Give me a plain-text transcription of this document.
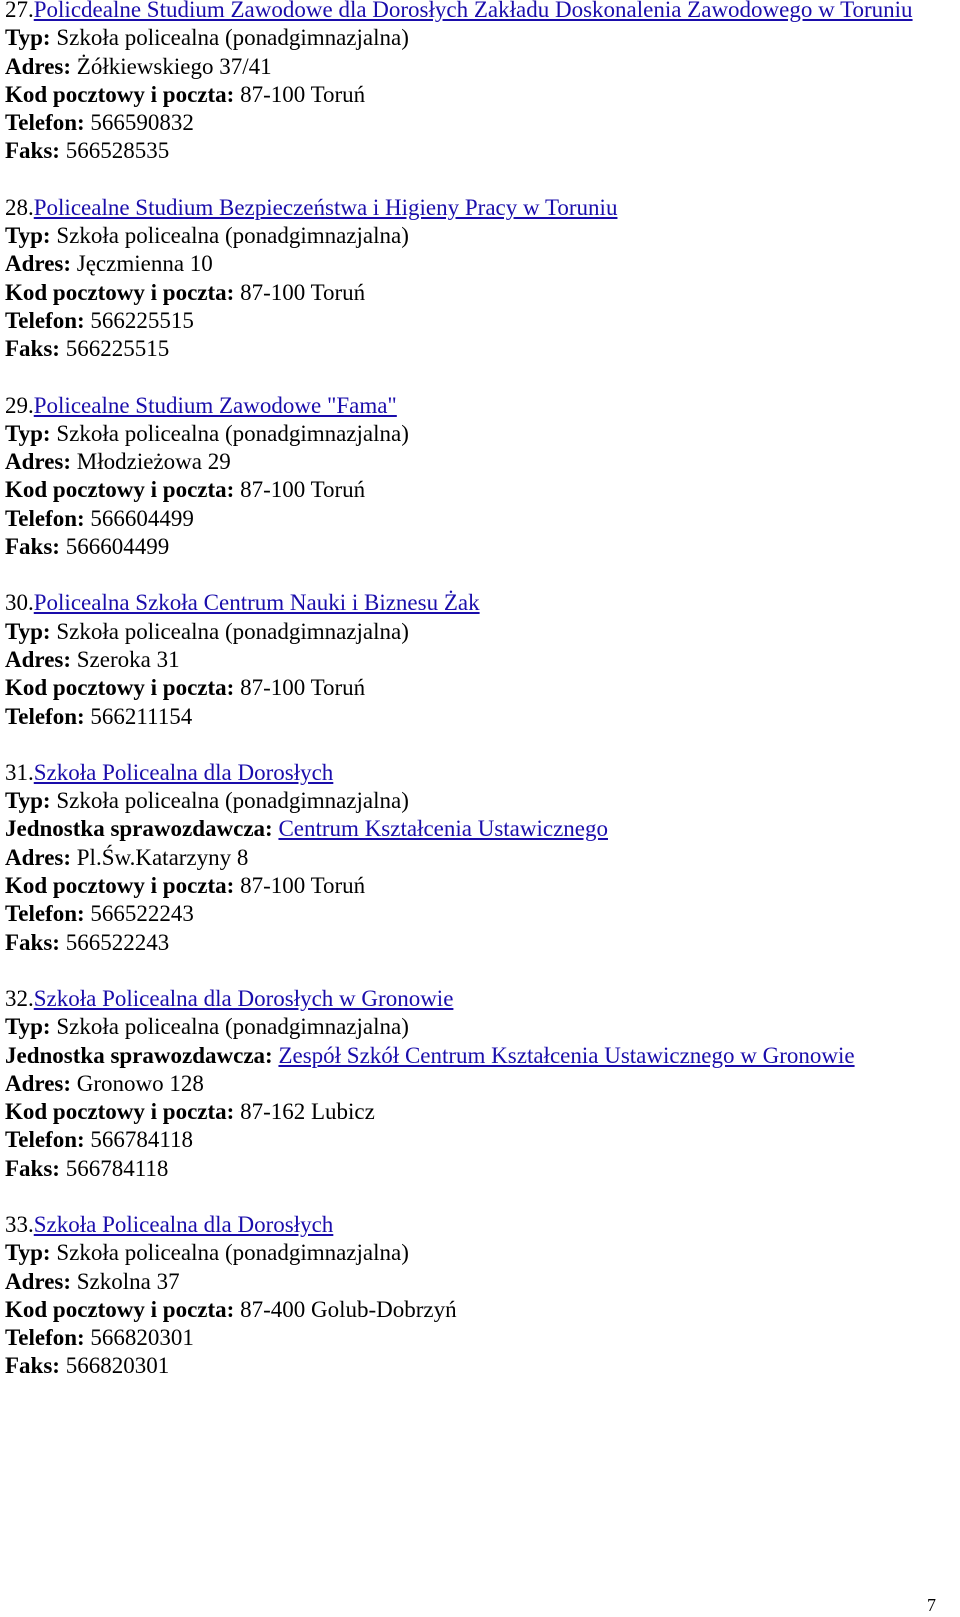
27.Policdealne Studium Zawodowe dla Dorosłych Zakładu Doskonalenia Zawodowego w Toruniu
Typ: Szkoła policealna (ponadgimnazjalna)
Adres: Żółkiewskiego 37/41
Kod pocztowy i poczta: 87-100 Toruń
Telefon: 566590832
Faks: 566528535
28.Policealne Studium Bezpieczeństwa i Higieny Pracy w Toruniu
Typ: Szkoła policealna (ponadgimnazjalna)
Adres: Jęczmienna 10
Kod pocztowy i poczta: 87-100 Toruń
Telefon: 566225515
Faks: 566225515
29.Policealne Studium Zawodowe "Fama"
Typ: Szkoła policealna (ponadgimnazjalna)
Adres: Młodzieżowa 29
Kod pocztowy i poczta: 87-100 Toruń
Telefon: 566604499
Faks: 566604499
30.Policealna Szkoła Centrum Nauki i Biznesu Żak
Typ: Szkoła policealna (ponadgimnazjalna)
Adres: Szeroka 31
Kod pocztowy i poczta: 87-100 Toruń
Telefon: 566211154
31.Szkoła Policealna dla Dorosłych
Typ: Szkoła policealna (ponadgimnazjalna)
Jednostka sprawozdawcza: Centrum Kształcenia Ustawicznego
Adres: Pl.Św.Katarzyny 8
Kod pocztowy i poczta: 87-100 Toruń
Telefon: 566522243
Faks: 566522243
32.Szkoła Policealna dla Dorosłych w Gronowie
Typ: Szkoła policealna (ponadgimnazjalna)
Jednostka sprawozdawcza: Zespół Szkół Centrum Kształcenia Ustawicznego w Gronowie
Adres: Gronowo 128
Kod pocztowy i poczta: 87-162 Lubicz
Telefon: 566784118
Faks: 566784118
33.Szkoła Policealna dla Dorosłych
Typ: Szkoła policealna (ponadgimnazjalna)
Adres: Szkolna 37
Kod pocztowy i poczta: 87-400 Golub-Dobrzyń
Telefon: 566820301
Faks: 566820301
7
